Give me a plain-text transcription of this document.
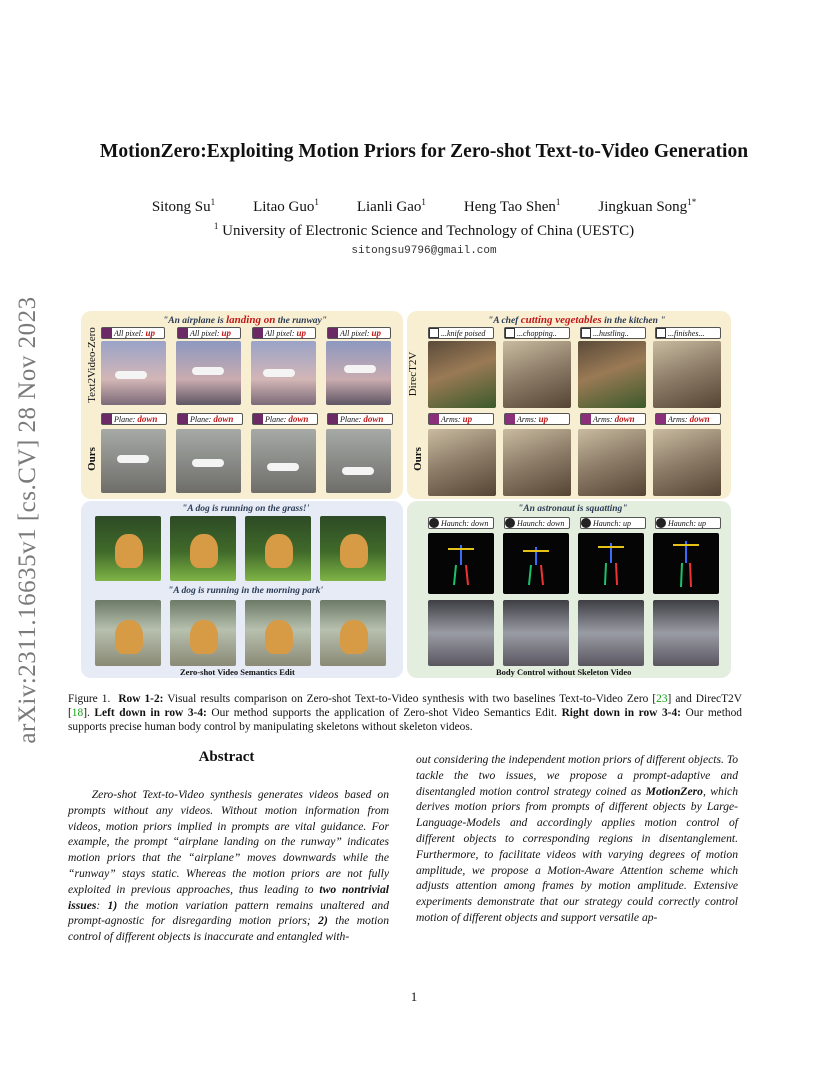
arXiv:2311.16635v1 [cs.CV] 28 Nov 2023
MotionZero:Exploiting Motion Priors for Zero-shot Text-to-Video Generation
Sitong Su$^1$	Litao Guo$^1$	Lianli Gao$^1$	Heng Tao Shen$^1$	Jingkuan Song$^{1*}$
$^1$ University of Electronic Science and Technology of China (UESTC)
sitongsu9796@gmail.com
"An airplane is landing on the runway"
Text2Video-Zero
Ours
All pixel: up	All pixel: up	All pixel: up	All pixel: up
Plane: down	Plane: down	Plane: down	Plane: down
"A chef cutting vegetables in the kitchen "
DirecT2V
Ours
...knife poised	...chopping..	...hustling..	...finishes...
Arms: up	Arms: up	Arms: down	Arms: down
"A dog is running on the grass!'
"A dog is running in the morning park'
Zero-shot Video Semantics Edit
"An astronaut is squatting"
Haunch: down	Haunch: down	Haunch: up	Haunch: up
Body Control without Skeleton Video
Figure 1. Row 1-2: Visual results comparison on Zero-shot Text-to-Video synthesis with two baselines Text-to-Video Zero [23] and DirecT2V [18]. Left down in row 3-4: Our method supports the application of Zero-shot Video Semantics Edit. Right down in row 3-4: Our method supports precise human body control by manipulating skeletons without skeleton videos.
Abstract
Zero-shot Text-to-Video synthesis generates videos based on prompts without any videos. Without motion information from videos, motion priors implied in prompts are vital guidance. For example, the prompt “airplane landing on the runway” indicates motion priors that the “airplane” moves downwards while the “runway” stays static. Whereas the motion priors are not fully exploited in previous approaches, thus leading to two nontrivial issues: 1) the motion variation pattern remains unaltered and prompt-agnostic for disregarding motion priors; 2) the motion control of different objects is inaccurate and entangled with-
out considering the independent motion priors of different objects. To tackle the two issues, we propose a prompt-adaptive and disentangled motion control strategy coined as MotionZero, which derives motion priors from prompts of different objects by Large-Language-Models and accordingly applies motion control of different objects to corresponding regions in disentanglement. Furthermore, to facilitate videos with varying degrees of motion amplitude, we propose a Motion-Aware Attention scheme which adjusts attention among frames by motion amplitude. Extensive experiments demonstrate that our strategy could correctly control motion of different objects and support versatile ap-
1
